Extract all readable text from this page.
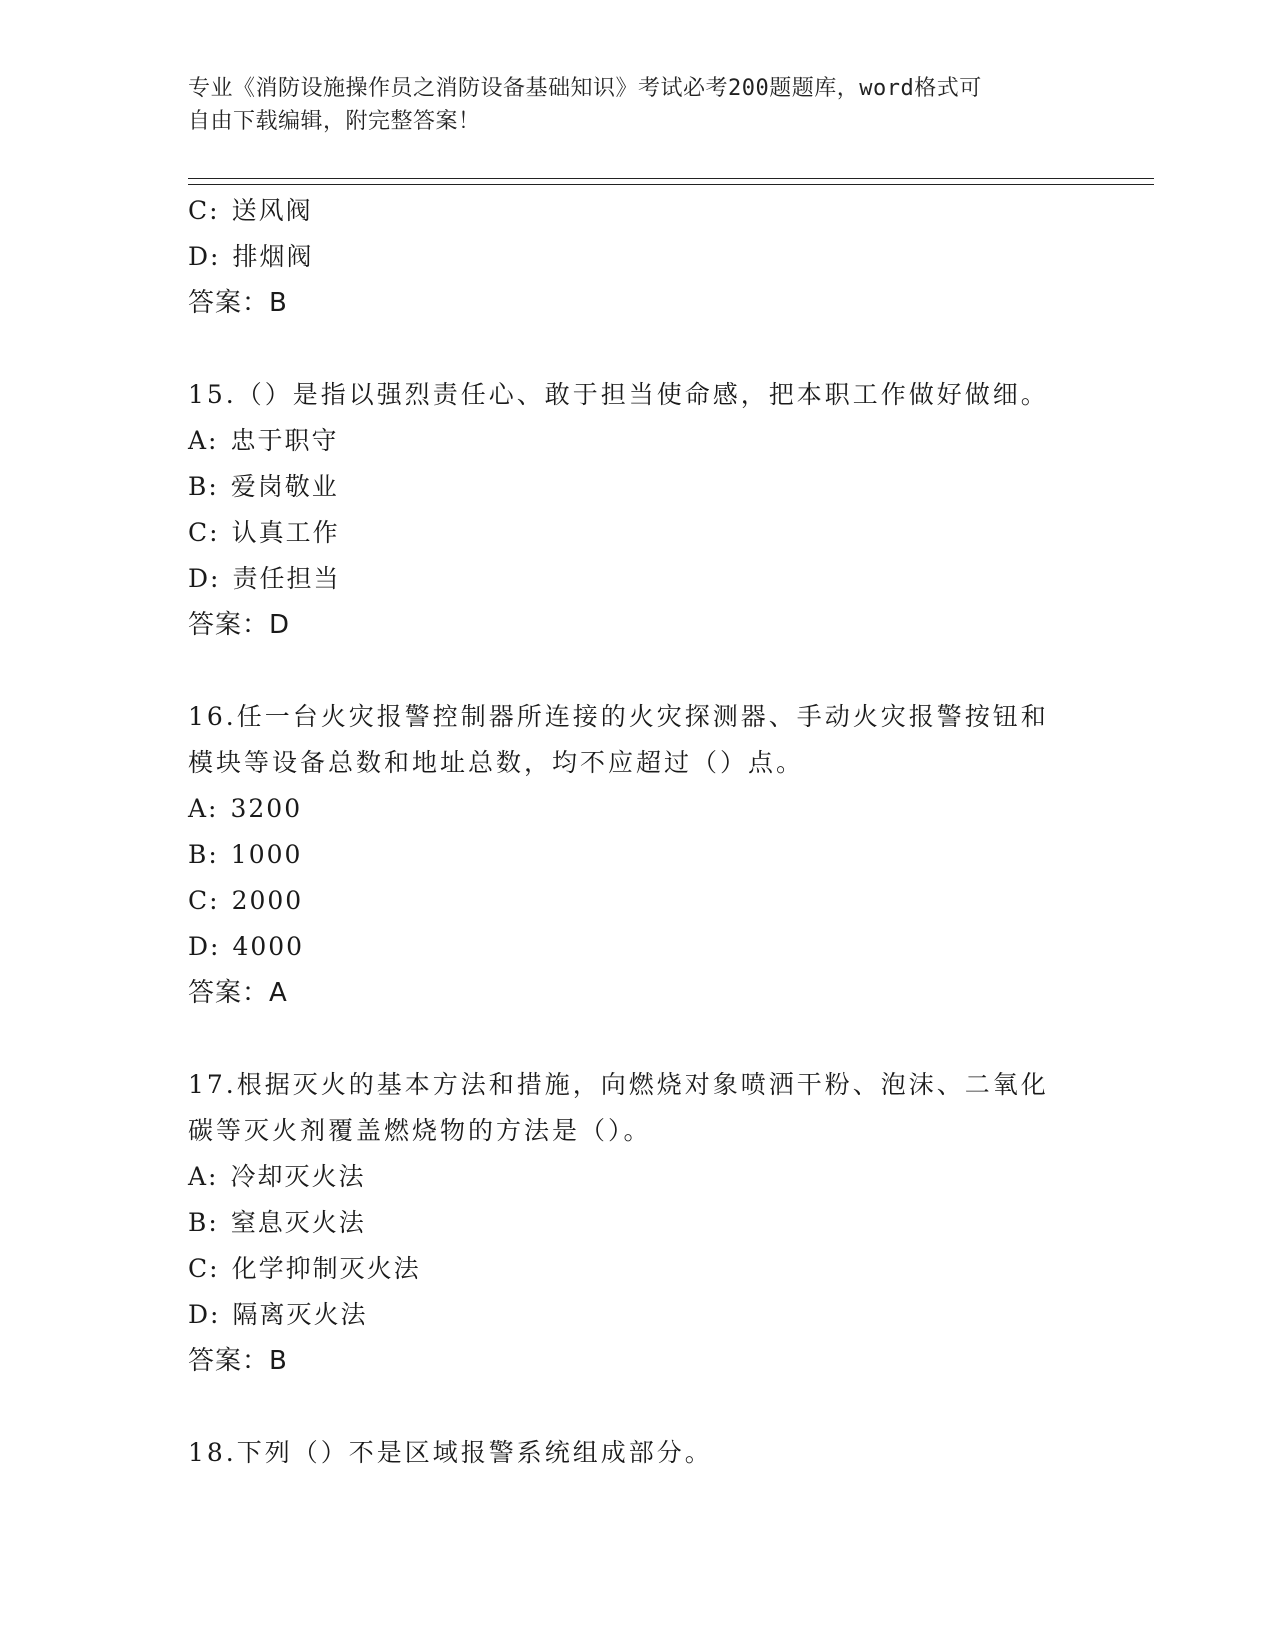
专业《消防设施操作员之消防设备基础知识》考试必考200题题库，word格式可
自由下载编辑，附完整答案！
C: 送风阀
D: 排烟阀
答案：B
15.（）是指以强烈责任心、敢于担当使命感，把本职工作做好做细。
A: 忠于职守
B: 爱岗敬业
C: 认真工作
D: 责任担当
答案：D
16.任一台火灾报警控制器所连接的火灾探测器、手动火灾报警按钮和
模块等设备总数和地址总数，均不应超过（）点。
A: 3200
B: 1000
C: 2000
D: 4000
答案：A
17.根据灭火的基本方法和措施，向燃烧对象喷洒干粉、泡沫、二氧化
碳等灭火剂覆盖燃烧物的方法是（）。
A: 冷却灭火法
B: 窒息灭火法
C: 化学抑制灭火法
D: 隔离灭火法
答案：B
18.下列（）不是区域报警系统组成部分。
